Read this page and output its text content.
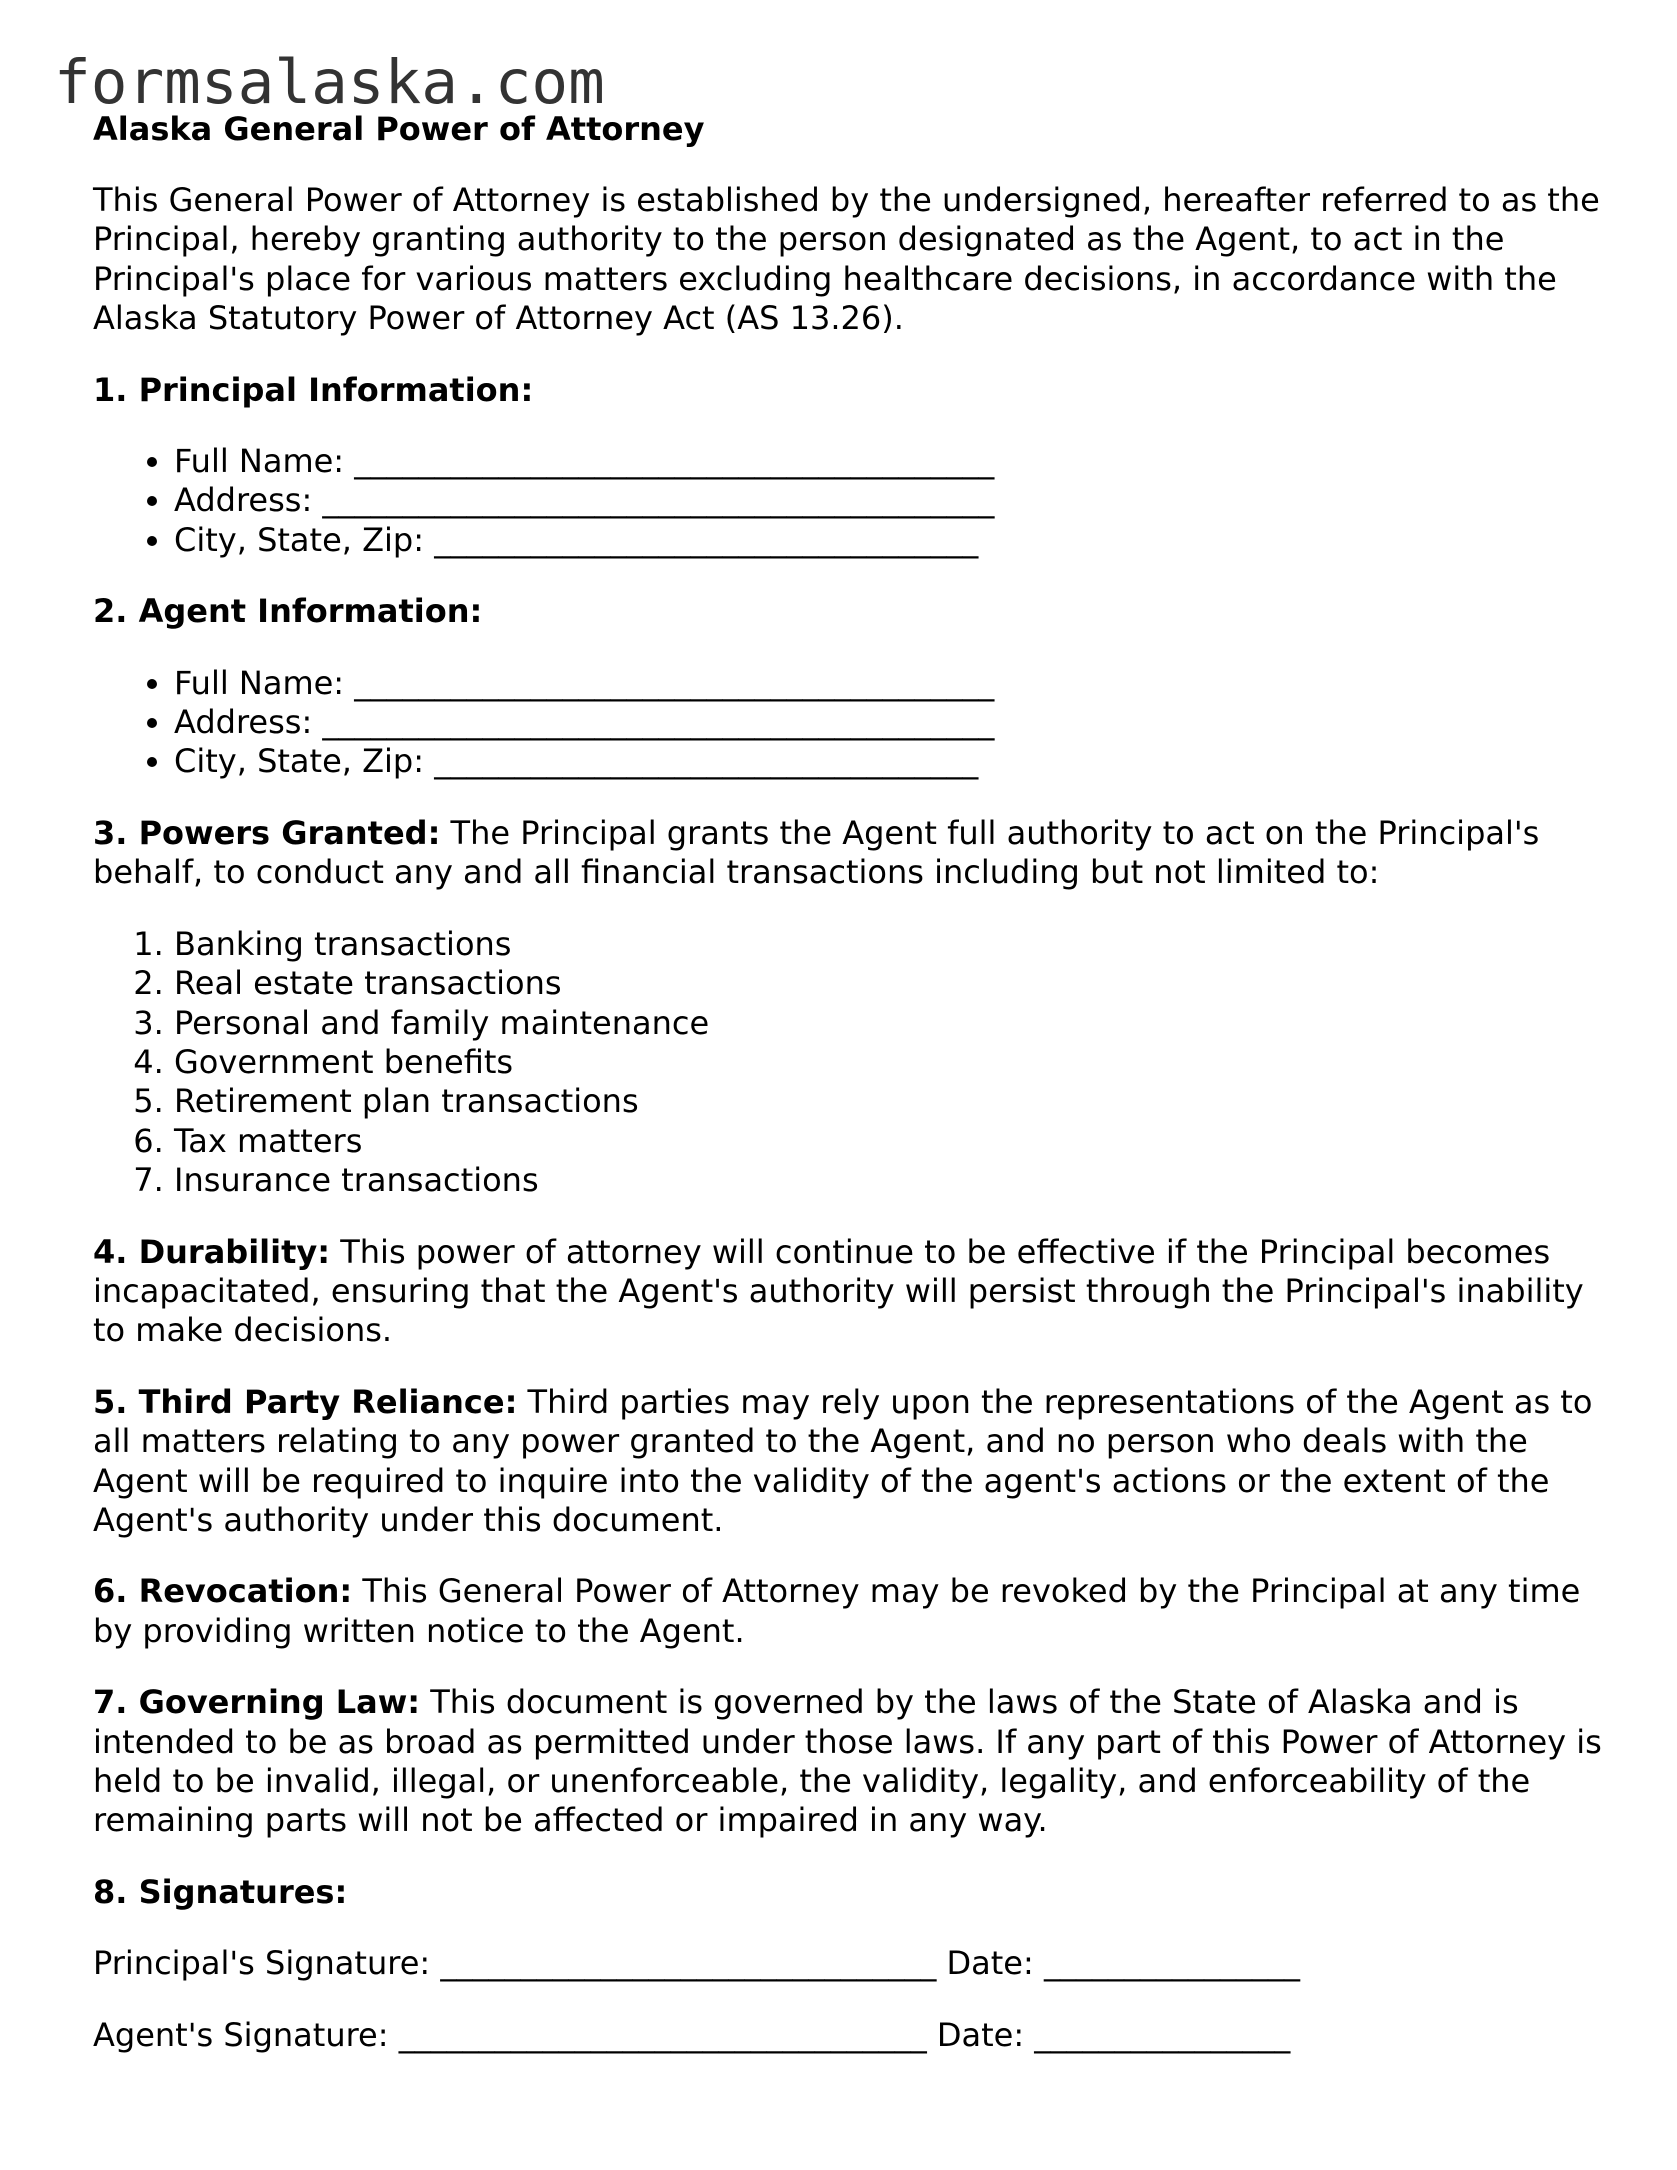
formsalaska.com
Alaska General Power of Attorney

This General Power of Attorney is established by the undersigned, hereafter referred to as the Principal, hereby granting authority to the person designated as the Agent, to act in the Principal's place for various matters excluding healthcare decisions, in accordance with the Alaska Statutory Power of Attorney Act (AS 13.26).

1. Principal Information:
• Full Name: ________________________________________
• Address: __________________________________________
• City, State, Zip: __________________________________
2. Agent Information:
• Full Name: ________________________________________
• Address: __________________________________________
• City, State, Zip: __________________________________

3. Powers Granted: The Principal grants the Agent full authority to act on the Principal's behalf, to conduct any and all financial transactions including but not limited to:

1. Banking transactions
2. Real estate transactions
3. Personal and family maintenance
4. Government benefits
5. Retirement plan transactions
6. Tax matters
7. Insurance transactions

4. Durability: This power of attorney will continue to be effective if the Principal becomes incapacitated, ensuring that the Agent's authority will persist through the Principal's inability to make decisions.

5. Third Party Reliance: Third parties may rely upon the representations of the Agent as to all matters relating to any power granted to the Agent, and no person who deals with the Agent will be required to inquire into the validity of the agent's actions or the extent of the Agent's authority under this document.

6. Revocation: This General Power of Attorney may be revoked by the Principal at any time by providing written notice to the Agent.

7. Governing Law: This document is governed by the laws of the State of Alaska and is intended to be as broad as permitted under those laws. If any part of this Power of Attorney is held to be invalid, illegal, or unenforceable, the validity, legality, and enforceability of the remaining parts will not be affected or impaired in any way.

8. Signatures:
Principal's Signature: _______________________________ Date: ________________
Agent's Signature: _________________________________ Date: ________________
